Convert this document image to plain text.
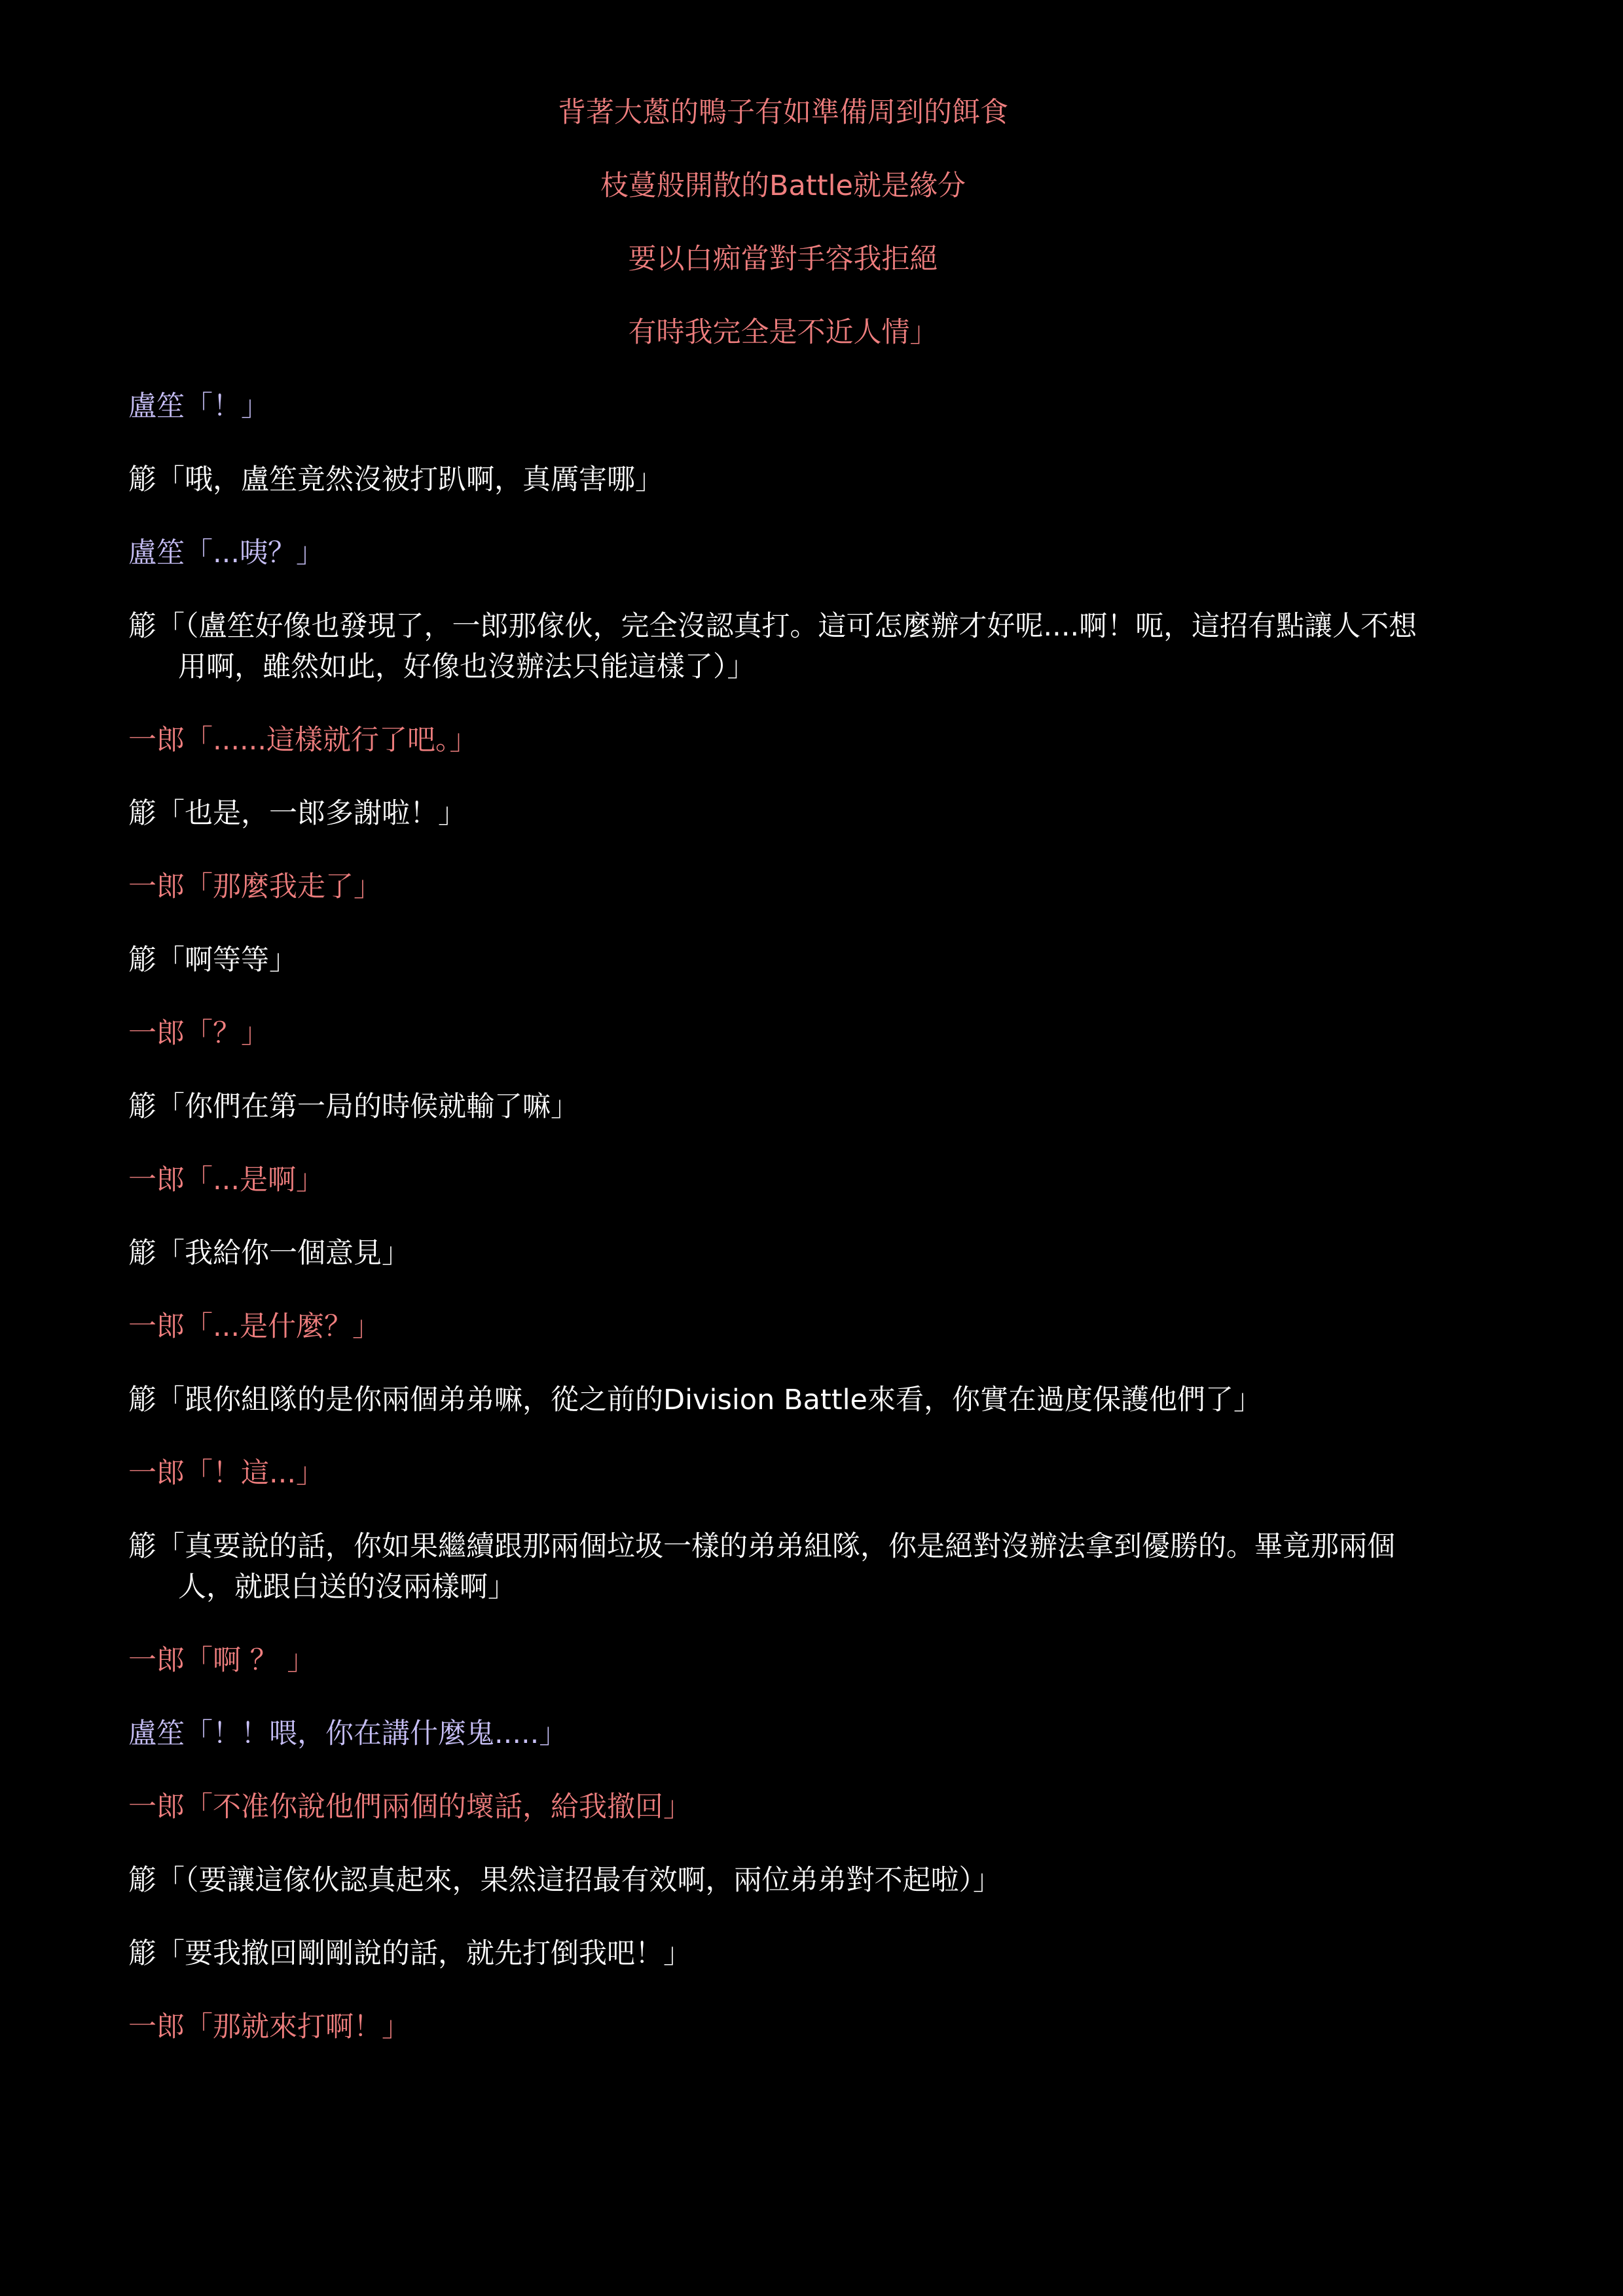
背著大蔥的鴨子有如準備周到的餌食
枝蔓般開散的Battle就是緣分
要以白痴當對手容我拒絕
有時我完全是不近人情」
盧笙「！」
簓「哦，盧笙竟然沒被打趴啊，真厲害哪」
盧笙「...咦？」
簓「（盧笙好像也發現了，一郎那傢伙，完全沒認真打。這可怎麼辦才好呢....啊！呃，這招有點讓人不想用啊，雖然如此，好像也沒辦法只能這樣了）」
一郎「......這樣就行了吧。」
簓「也是，一郎多謝啦！」
一郎「那麼我走了」
簓「啊等等」
一郎「？」
簓「你們在第一局的時候就輸了嘛」
一郎「...是啊」
簓「我給你一個意見」
一郎「...是什麼？」
簓「跟你組隊的是你兩個弟弟嘛，從之前的Division Battle來看，你實在過度保護他們了」
一郎「！這...」
簓「真要說的話，你如果繼續跟那兩個垃圾一樣的弟弟組隊，你是絕對沒辦法拿到優勝的。畢竟那兩個人，就跟白送的沒兩樣啊」
一郎「啊 ？ 」
盧笙「！！喂，你在講什麼鬼.....」
一郎「不准你說他們兩個的壞話，給我撤回」
簓「（要讓這傢伙認真起來，果然這招最有效啊，兩位弟弟對不起啦）」
簓「要我撤回剛剛說的話，就先打倒我吧！」
一郎「那就來打啊！」
